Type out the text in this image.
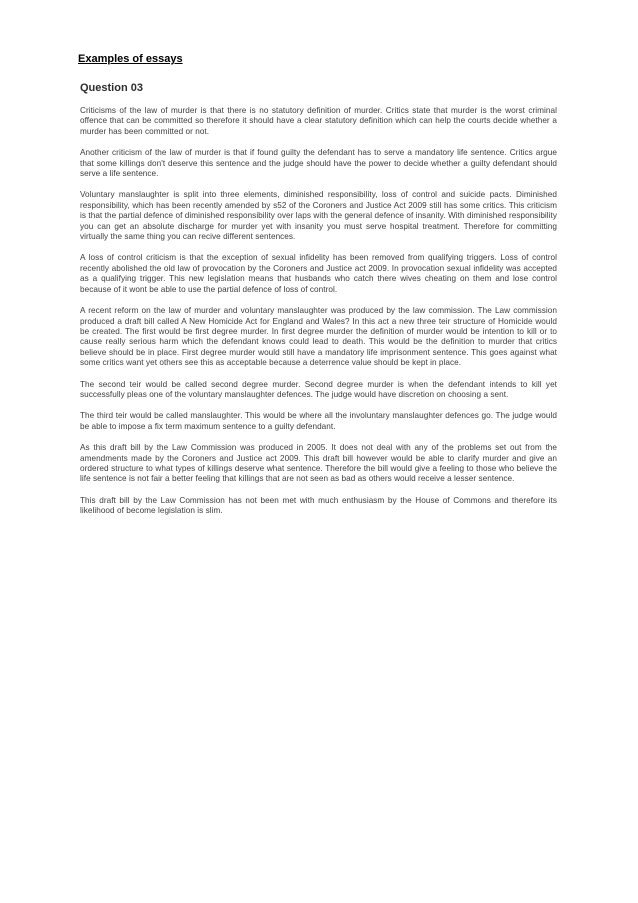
Examples of essays
Question 03

Criticisms of the law of murder is that there is no statutory definition of murder. Critics state that murder is the worst criminal offence that can be committed so therefore it should have a clear statutory definition which can help the courts decide whether a murder has been committed or not.

Another criticism of the law of murder is that if found guilty the defendant has to serve a mandatory life sentence. Critics argue that some killings don't deserve this sentence and the judge should have the power to decide whether a guilty defendant should serve a life sentence.

Voluntary manslaughter is split into three elements, diminished responsibility, loss of control and suicide pacts. Diminished responsibility, which has been recently amended by s52 of the Coroners and Justice Act 2009 still has some critics. This criticism is that the partial defence of diminished responsibility over laps with the general defence of insanity. With diminished responsibility you can get an absolute discharge for murder yet with insanity you must serve hospital treatment. Therefore for committing virtually the same thing you can recive different sentences.

A loss of control criticism is that the exception of sexual infidelity has been removed from qualifying triggers. Loss of control recently abolished the old law of provocation by the Coroners and Justice act 2009. In provocation sexual infidelity was accepted as a qualifying trigger. This new legislation means that husbands who catch there wives cheating on them and lose control because of it wont be able to use the partial defence of loss of control.

A recent reform on the law of murder and voluntary manslaughter was produced by the law commission. The Law commission produced a draft bill called A New Homicide Act for England and Wales? In this act a new three teir structure of Homicide would be created. The first would be first degree murder. In first degree murder the definition of murder would be intention to kill or to cause really serious harm which the defendant knows could lead to death. This would be the definition to murder that critics believe should be in place. First degree murder would still have a mandatory life imprisonment sentence. This goes against what some critics want yet others see this as acceptable because a deterrence value should be kept in place.

The second teir would be called second degree murder. Second degree murder is when the defendant intends to kill yet successfully pleas one of the voluntary manslaughter defences. The judge would have discretion on choosing a sent.

The third teir would be called manslaughter. This would be where all the involuntary manslaughter defences go. The judge would be able to impose a fix term maximum sentence to a guilty defendant.

As this draft bill by the Law Commission was produced in 2005. It does not deal with any of the problems set out from the amendments made by the Coroners and Justice act 2009. This draft bill however would be able to clarify murder and give an ordered structure to what types of killings deserve what sentence. Therefore the bill would give a feeling to those who believe the life sentence is not fair a better feeling that killings that are not seen as bad as others would receive a lesser sentence.

This draft bill by the Law Commission has not been met with much enthusiasm by the House of Commons and therefore its likelihood of become legislation is slim.
